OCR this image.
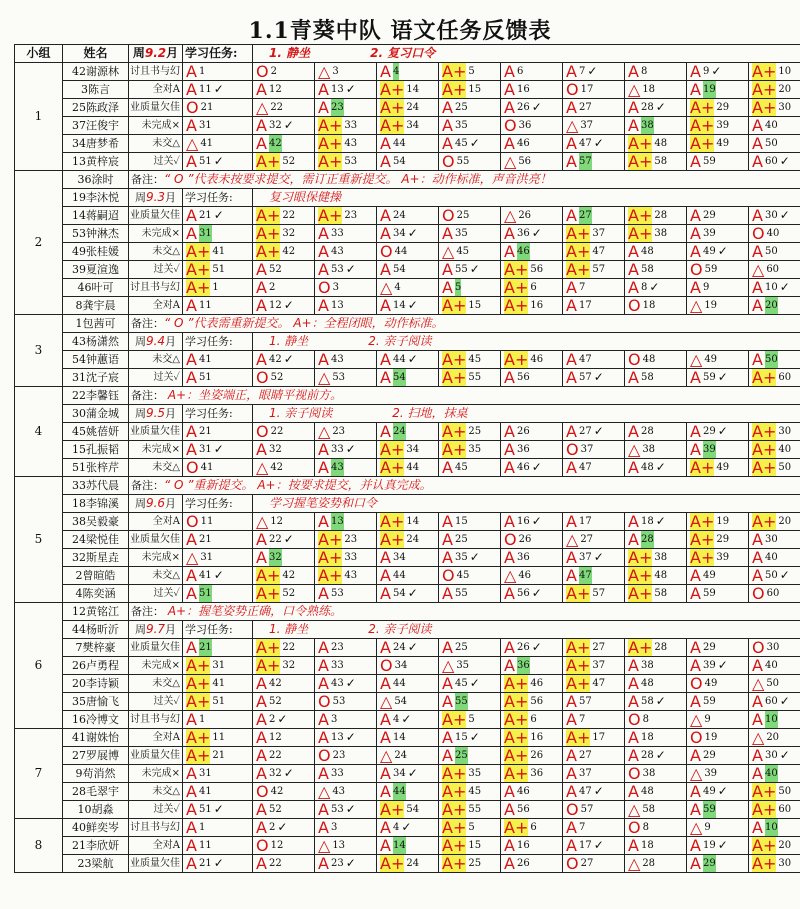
1.1青葵中队 语文任务反馈表
小组	姓名	周9.2月	学习任务:	1. 静坐 2. 复习口令								
1	42谢源林	讨且书与幻	A 1	O 2	△ 3	A 4	A+ 5	A 6	A 7 ✓	A 8	A 9 ✓	A+ 10

	3陈言	全对A	A 11 ✓	A 12	A 13 ✓	A+ 14	A+ 15	A 16	O 17	△ 18	A 19	A+ 20

	25陈政泽	业质量欠佳	O 21	△ 22	A 23	A+ 24	A 25	A 26 ✓	A 27	A 28 ✓	A+ 29	A+ 30

	37汪俊宇	未完成×	A 31	A 32 ✓	A+ 33	A+ 34	A 35	O 36	△ 37	A 38	A+ 39	A 40

	34唐梦希	未交△	△ 41	A 42	A+ 43	A 44	A 45 ✓	A 46	A 47 ✓	A+ 48	A+ 49	A 50

	13黄梓宸	过关✓	A 51 ✓	A+ 52	A+ 53	A 54	O 55	△ 56	A 57	A+ 58	A 59	A 60 ✓

2	36涂时	备注：“ O ”代表未按要求提交，需订正重新提交。 A+：动作标准，声音洪亮！										
	19李沐悦	周9.3月	学习任务:	复习眼保健操								
	14蒋嗣迢	业质量欠佳	A 21 ✓	A+ 22	A+ 23	A 24	O 25	△ 26	A 27	A+ 28	A 29	A 30 ✓

	53钟淋杰	未完成×	A 31	A+ 32	A 33	A 34 ✓	A 35	A 36 ✓	A+ 37	A+ 38	A 39	O 40

	49张桂媛	未交△	A+ 41	A+ 42	A 43	O 44	△ 45	A 46	A+ 47	A 48	A 49 ✓	A 50

	39夏渲逸	过关✓	A+ 51	A 52	A 53 ✓	A 54	A 55 ✓	A+ 56	A+ 57	A 58	O 59	△ 60

	46叶可	讨且书与幻	A+ 1	A 2	O 3	△ 4	A 5	A+ 6	A 7	A 8 ✓	A 9	A 10 ✓

	8龚宇晨	全对A	A 11	A 12 ✓	A 13	A 14 ✓	A+ 15	A+ 16	A 17	O 18	△ 19	A 20

3	1包茜可	备注：“ O ”代表需重新提交。 A+：全程闭眼，动作标准。										
	43杨潇然	周9.4月	学习任务:	1. 静坐 2. 亲子阅读								
	54钟蕙语	未交△	A 41	A 42 ✓	A 43	A 44 ✓	A+ 45	A+ 46	A 47	O 48	△ 49	A 50

	31沈子宸	过关✓	A 51	O 52	△ 53	A 54	A+ 55	A 56	A 57 ✓	A 58	A 59 ✓	A+ 60

4	22李馨钰	备注： A+：坐姿端正，眼睛平视前方。										
	30蒲金城	周9.5月	学习任务:	1. 亲子阅读 2. 扫地，抹桌								
	45姚蓓妍	业质量欠佳	A 21	O 22	△ 23	A 24	A+ 25	A 26	A 27 ✓	A 28	A 29 ✓	A+ 30

	15孔振韬	未完成×	A 31 ✓	A 32	A 33 ✓	A+ 34	A+ 35	A 36	O 37	△ 38	A 39	A+ 40

	51张梓芹	未交△	O 41	△ 42	A 43	A+ 44	A 45	A 46 ✓	A 47	A 48 ✓	A+ 49	A+ 50

5	33苏代晨	备注：“ O ”重新提交。 A+：按要求提交，并认真完成。										
	18李锦溪	周9.6月	学习任务:	学习握笔姿势和口令								
	38吴毅豪	全对A	O 11	△ 12	A 13	A+ 14	A 15	A 16 ✓	A 17	A 18 ✓	A+ 19	A+ 20

	24梁悦佳	业质量欠佳	A 21	A 22 ✓	A+ 23	A+ 24	A 25	O 26	△ 27	A 28	A+ 29	A 30

	32斯星垚	未完成×	△ 31	A 32	A+ 33	A 34	A 35 ✓	A 36	A 37 ✓	A+ 38	A+ 39	A 40

	2曾暄皓	未交△	A 41 ✓	A+ 42	A+ 43	A 44	O 45	△ 46	A 47	A+ 48	A 49	A 50 ✓

	4陈奕涵	过关✓	A 51	A+ 52	A 53	A 54 ✓	A 55	A 56 ✓	A+ 57	A+ 58	A 59	O 60

6	12黄铭江	备注： A+：握笔姿势正确，口令熟练。										
	44杨昕沂	周9.7月	学习任务:	1. 静坐 2. 亲子阅读								
	7樊梓豪	业质量欠佳	A 21	A+ 22	A 23	A 24 ✓	A 25	A 26 ✓	A+ 27	A+ 28	A 29	O 30

	26卢勇程	未完成×	A+ 31	A+ 32	A 33	O 34	△ 35	A 36	A+ 37	A 38	A 39 ✓	A 40

	20李诗颖	未交△	A+ 41	A 42	A 43 ✓	A 44	A 45 ✓	A+ 46	A+ 47	A 48	O 49	△ 50

	35唐愉飞	过关✓	A+ 51	A 52	O 53	△ 54	A 55	A+ 56	A 57	A 58 ✓	A 59	A 60 ✓

	16冷博文	讨且书与幻	A 1	A 2 ✓	A 3	A 4 ✓	A+ 5	A+ 6	A 7	O 8	△ 9	A 10

7	41谢姝怡	全对A	A+ 11	A 12	A 13 ✓	A 14	A 15 ✓	A+ 16	A+ 17	A 18	O 19	△ 20

	27罗展博	业质量欠佳	A+ 21	A 22	O 23	△ 24	A 25	A+ 26	A 27	A 28 ✓	A 29	A 30 ✓

	9苟消然	未完成×	A 31	A 32 ✓	A 33	A 34 ✓	A+ 35	A+ 36	A 37	O 38	△ 39	A 40

	28毛翠宇	未交△	A 41	O 42	△ 43	A 44	A+ 45	A 46	A 47 ✓	A 48	A 49 ✓	A+ 50

	10胡淼	过关✓	A 51 ✓	A 52	A 53 ✓	A+ 54	A+ 55	A 56	O 57	△ 58	A 59	A+ 60

8	40鲜奕岑	讨且书与幻	A 1	A 2 ✓	A 3	A 4 ✓	A+ 5	A+ 6	A 7	O 8	△ 9	A 10

	21李欣妍	全对A	A 11	O 12	△ 13	A 14	A+ 15	A 16	A 17 ✓	A 18	A 19 ✓	A+ 20

	23梁航	业质量欠佳	A 21 ✓	A 22	A 23 ✓	A+ 24	A+ 25	A 26	O 27	△ 28	A 29	A+ 30
